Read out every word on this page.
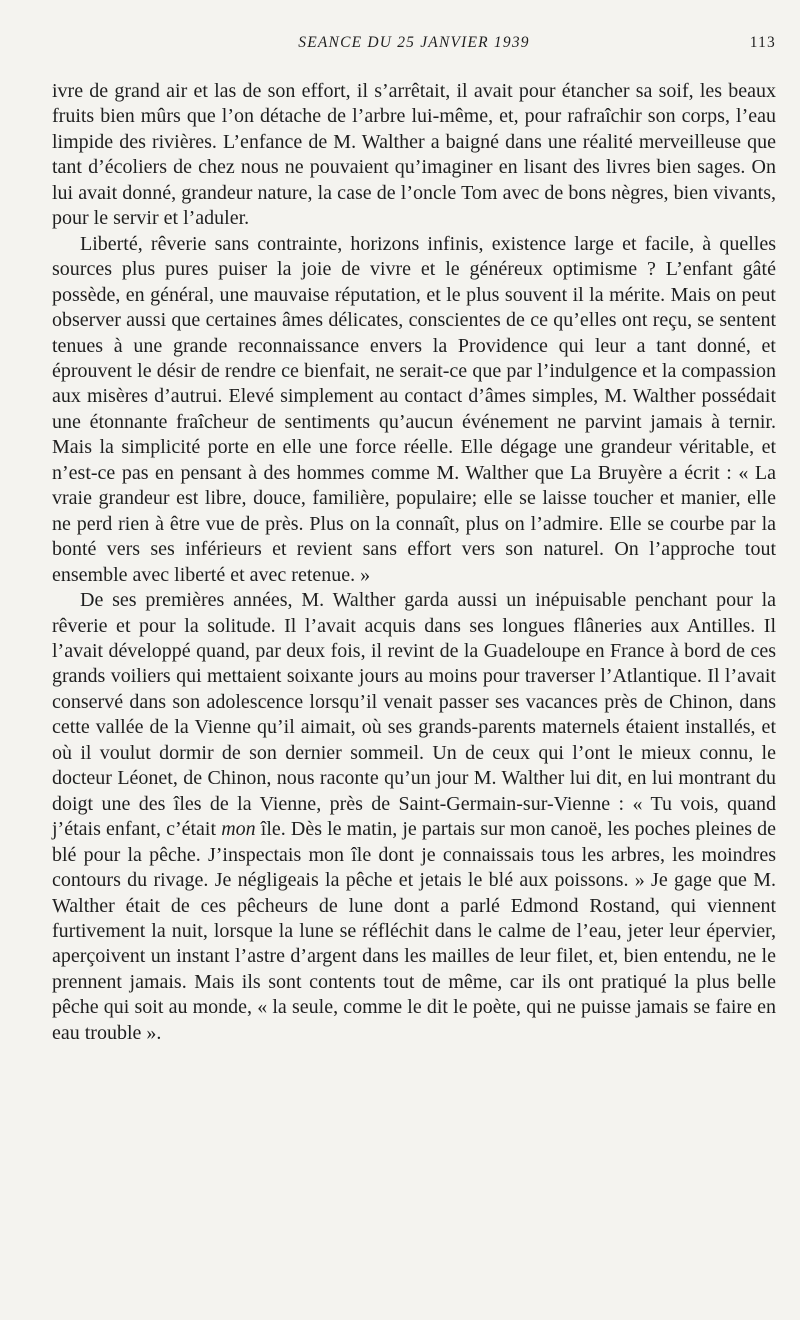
SEANCE DU 25 JANVIER 1939	113

ivre de grand air et las de son effort, il s’arrêtait, il avait pour étancher sa soif, les beaux fruits bien mûrs que l’on détache de l’arbre lui-même, et, pour rafraîchir son corps, l’eau limpide des rivières. L’enfance de M. Walther a baigné dans une réalité merveilleuse que tant d’écoliers de chez nous ne pouvaient qu’imaginer en lisant des livres bien sages. On lui avait donné, grandeur nature, la case de l’oncle Tom avec de bons nègres, bien vivants, pour le servir et l’aduler.

Liberté, rêverie sans contrainte, horizons infinis, existence large et facile, à quelles sources plus pures puiser la joie de vivre et le généreux optimisme ? L’enfant gâté possède, en général, une mauvaise réputation, et le plus souvent il la mérite. Mais on peut observer aussi que certaines âmes délicates, conscientes de ce qu’elles ont reçu, se sentent tenues à une grande reconnaissance envers la Providence qui leur a tant donné, et éprouvent le désir de rendre ce bienfait, ne serait-ce que par l’indulgence et la compassion aux misères d’autrui. Elevé simplement au contact d’âmes simples, M. Walther possédait une étonnante fraîcheur de sentiments qu’aucun événement ne parvint jamais à ternir. Mais la simplicité porte en elle une force réelle. Elle dégage une grandeur véritable, et n’est-ce pas en pensant à des hommes comme M. Walther que La Bruyère a écrit : « La vraie grandeur est libre, douce, familière, populaire; elle se laisse toucher et manier, elle ne perd rien à être vue de près. Plus on la connaît, plus on l’admire. Elle se courbe par la bonté vers ses inférieurs et revient sans effort vers son naturel. On l’approche tout ensemble avec liberté et avec retenue. »

De ses premières années, M. Walther garda aussi un inépuisable penchant pour la rêverie et pour la solitude. Il l’avait acquis dans ses longues flâneries aux Antilles. Il l’avait développé quand, par deux fois, il revint de la Guadeloupe en France à bord de ces grands voiliers qui mettaient soixante jours au moins pour traverser l’Atlantique. Il l’avait conservé dans son adolescence lorsqu’il venait passer ses vacances près de Chinon, dans cette vallée de la Vienne qu’il aimait, où ses grands-parents maternels étaient installés, et où il voulut dormir de son dernier sommeil. Un de ceux qui l’ont le mieux connu, le docteur Léonet, de Chinon, nous raconte qu’un jour M. Walther lui dit, en lui montrant du doigt une des îles de la Vienne, près de Saint-Germain-sur-Vienne : « Tu vois, quand j’étais enfant, c’était mon île. Dès le matin, je partais sur mon canoë, les poches pleines de blé pour la pêche. J’inspectais mon île dont je connaissais tous les arbres, les moindres contours du rivage. Je négligeais la pêche et jetais le blé aux poissons. » Je gage que M. Walther était de ces pêcheurs de lune dont a parlé Edmond Rostand, qui viennent furtivement la nuit, lorsque la lune se réfléchit dans le calme de l’eau, jeter leur épervier, aperçoivent un instant l’astre d’argent dans les mailles de leur filet, et, bien entendu, ne le prennent jamais. Mais ils sont contents tout de même, car ils ont pratiqué la plus belle pêche qui soit au monde, « la seule, comme le dit le poète, qui ne puisse jamais se faire en eau trouble ».
